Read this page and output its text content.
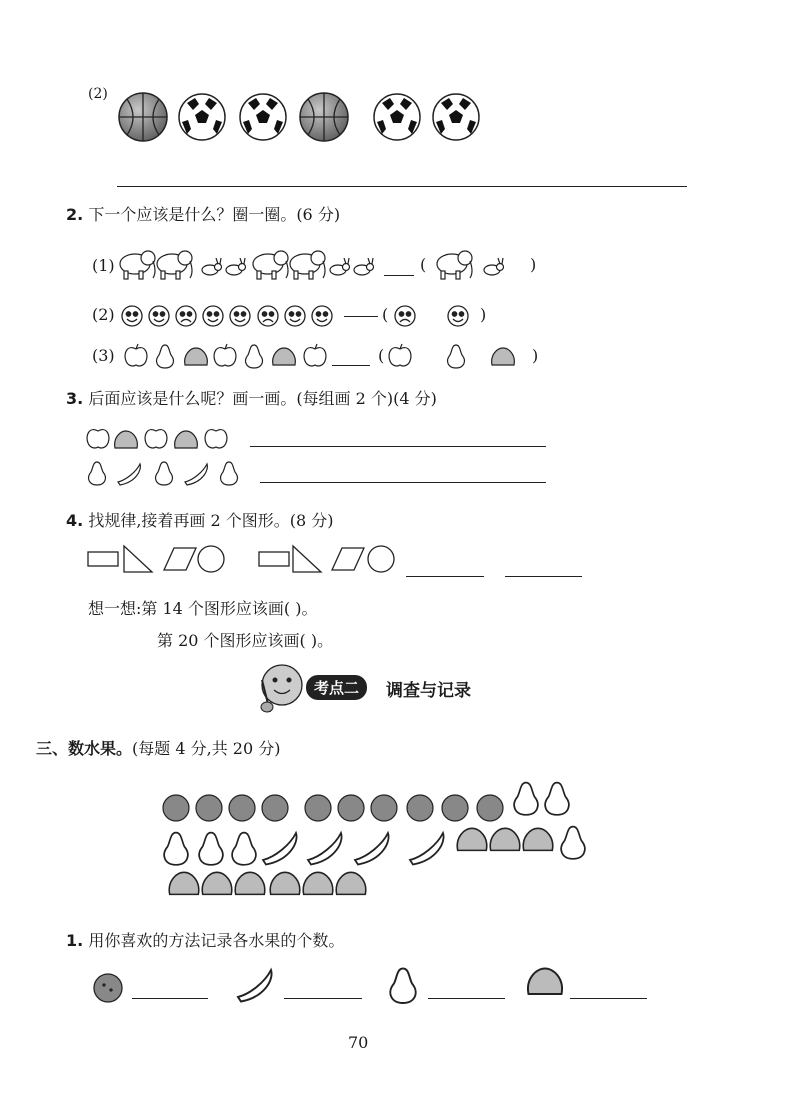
(2)
2. 下一个应该是什么？圈一圈。(6 分)
(1)	(	)
(2)	(	)
(3)	(	)
3. 后面应该是什么呢？画一画。(每组画 2 个)(4 分)
4. 找规律,接着再画 2 个图形。(8 分)
想一想:第 14 个图形应该画( )。
第 20 个图形应该画( )。
考点二	调查与记录
三、数水果。(每题 4 分,共 20 分)
1. 用你喜欢的方法记录各水果的个数。
70
